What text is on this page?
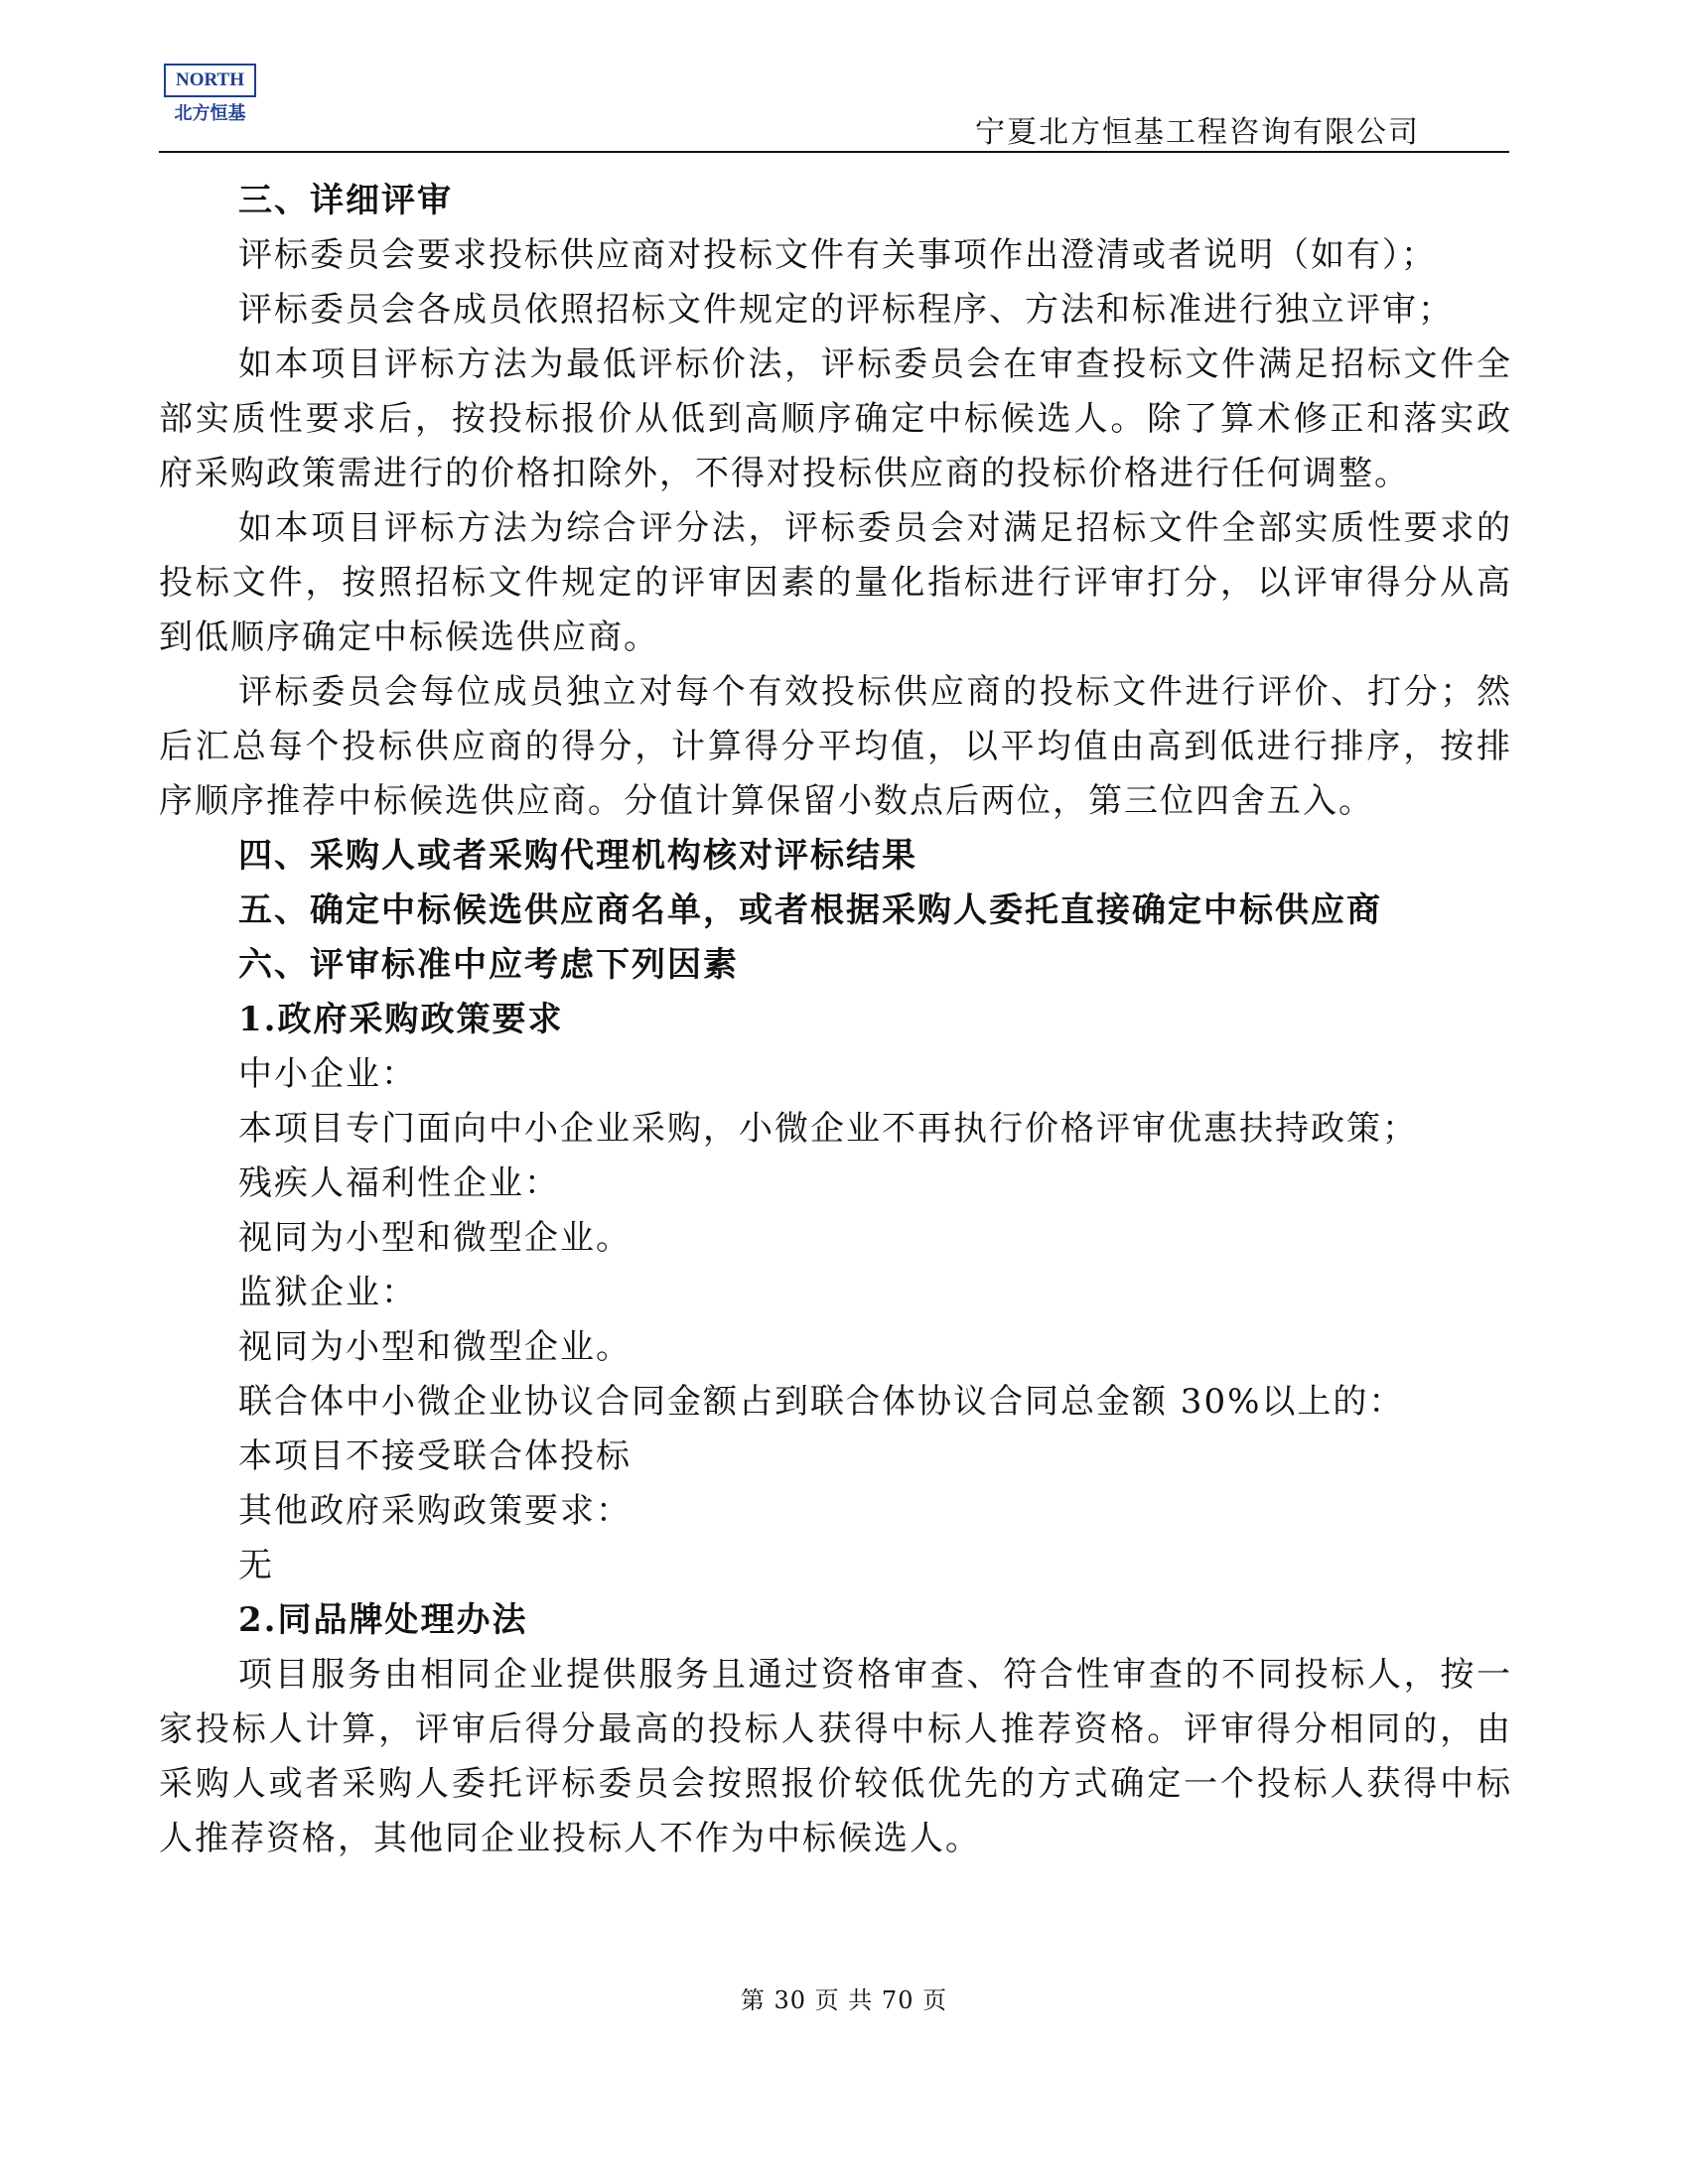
NORTH
北方恒基
宁夏北方恒基工程咨询有限公司

三、详细评审

评标委员会要求投标供应商对投标文件有关事项作出澄清或者说明（如有）；

评标委员会各成员依照招标文件规定的评标程序、方法和标准进行独立评审；

如本项目评标方法为最低评标价法，评标委员会在审查投标文件满足招标文件全部实质性要求后，按投标报价从低到高顺序确定中标候选人。除了算术修正和落实政府采购政策需进行的价格扣除外，不得对投标供应商的投标价格进行任何调整。

如本项目评标方法为综合评分法，评标委员会对满足招标文件全部实质性要求的投标文件，按照招标文件规定的评审因素的量化指标进行评审打分，以评审得分从高到低顺序确定中标候选供应商。

评标委员会每位成员独立对每个有效投标供应商的投标文件进行评价、打分；然后汇总每个投标供应商的得分，计算得分平均值，以平均值由高到低进行排序，按排序顺序推荐中标候选供应商。分值计算保留小数点后两位，第三位四舍五入。

四、采购人或者采购代理机构核对评标结果

五、确定中标候选供应商名单，或者根据采购人委托直接确定中标供应商

六、评审标准中应考虑下列因素

1.政府采购政策要求

中小企业：

本项目专门面向中小企业采购，小微企业不再执行价格评审优惠扶持政策；

残疾人福利性企业：

视同为小型和微型企业。

监狱企业：

视同为小型和微型企业。

联合体中小微企业协议合同金额占到联合体协议合同总金额 30%以上的：

本项目不接受联合体投标

其他政府采购政策要求：

无

2.同品牌处理办法

项目服务由相同企业提供服务且通过资格审查、符合性审查的不同投标人，按一家投标人计算，评审后得分最高的投标人获得中标人推荐资格。评审得分相同的，由采购人或者采购人委托评标委员会按照报价较低优先的方式确定一个投标人获得中标人推荐资格，其他同企业投标人不作为中标候选人。

第 30 页 共 70 页
